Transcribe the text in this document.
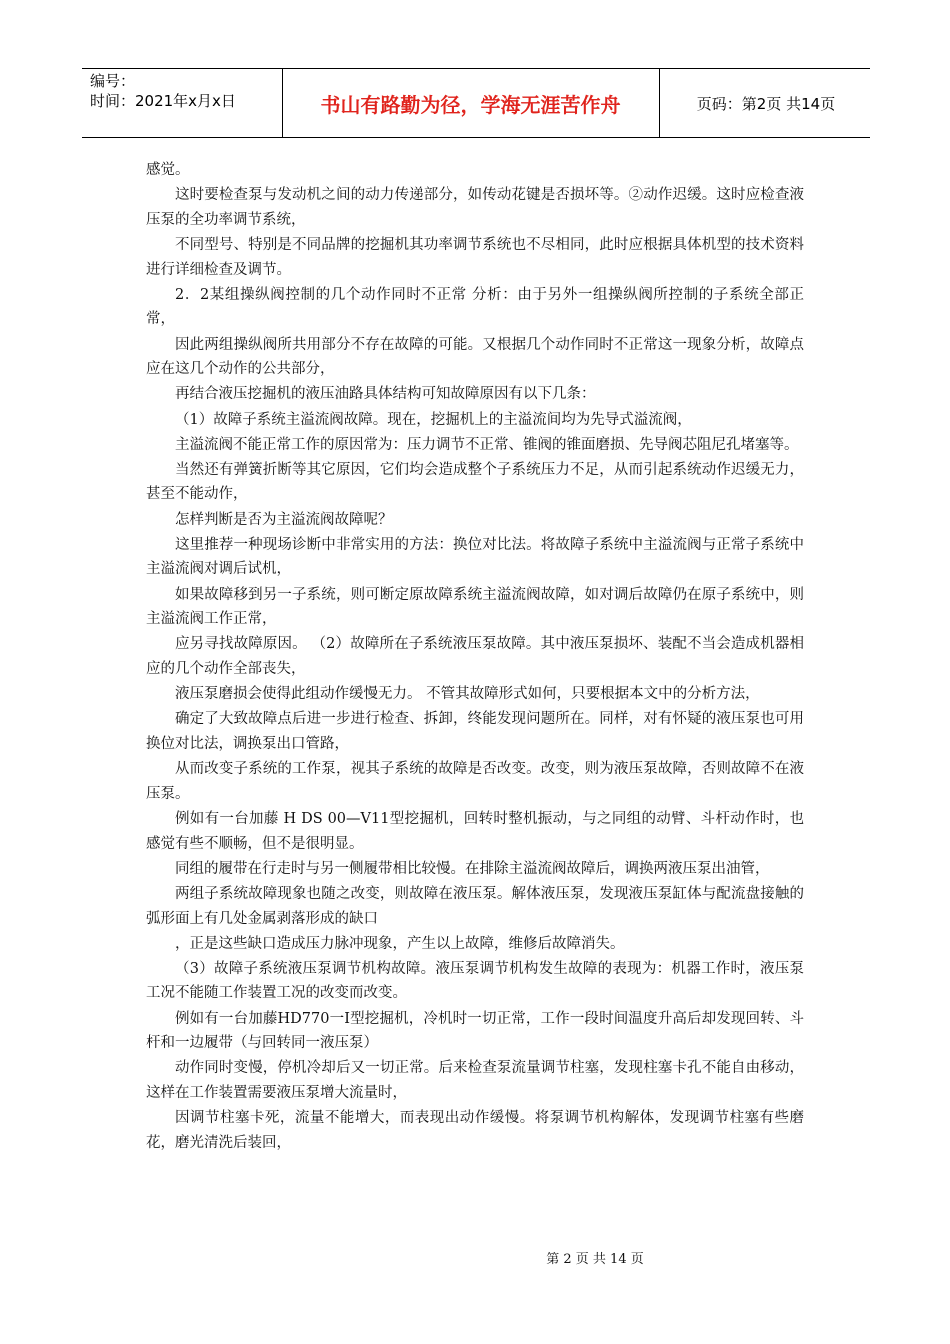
编号：
时间：2021年x月x日	书山有路勤为径，学海无涯苦作舟	页码：第2页 共14页

感觉。

这时要检查泵与发动机之间的动力传递部分，如传动花键是否损坏等。②动作迟缓。这时应检查液压泵的全功率调节系统，

不同型号、特别是不同品牌的挖掘机其功率调节系统也不尽相同，此时应根据具体机型的技术资料进行详细检查及调节。

2．2某组操纵阀控制的几个动作同时不正常 分析：由于另外一组操纵阀所控制的子系统全部正常，

因此两组操纵阀所共用部分不存在故障的可能。又根据几个动作同时不正常这一现象分析，故障点应在这几个动作的公共部分，

再结合液压挖掘机的液压油路具体结构可知故障原因有以下几条：

（1）故障子系统主溢流阀故障。现在，挖掘机上的主溢流间均为先导式溢流阀，

主溢流阀不能正常工作的原因常为：压力调节不正常、锥阀的锥面磨损、先导阀芯阻尼孔堵塞等。

当然还有弹簧折断等其它原因，它们均会造成整个子系统压力不足，从而引起系统动作迟缓无力，甚至不能动作，

怎样判断是否为主溢流阀故障呢？

这里推荐一种现场诊断中非常实用的方法：换位对比法。将故障子系统中主溢流阀与正常子系统中主溢流阀对调后试机，

如果故障移到另一子系统，则可断定原故障系统主溢流阀故障，如对调后故障仍在原子系统中，则主溢流阀工作正常，

应另寻找故障原因。 （2）故障所在子系统液压泵故障。其中液压泵损坏、装配不当会造成机器相应的几个动作全部丧失，

液压泵磨损会使得此组动作缓慢无力。 不管其故障形式如何，只要根据本文中的分析方法，

确定了大致故障点后进一步进行检查、拆卸，终能发现问题所在。同样，对有怀疑的液压泵也可用换位对比法，调换泵出口管路，

从而改变子系统的工作泵，视其子系统的故障是否改变。改变，则为液压泵故障，否则故障不在液压泵。

例如有一台加藤 H DS 00—V11型挖掘机，回转时整机振动，与之同组的动臂、斗杆动作时，也感觉有些不顺畅，但不是很明显。

同组的履带在行走时与另一侧履带相比较慢。在排除主溢流阀故障后，调换两液压泵出油管，

两组子系统故障现象也随之改变，则故障在液压泵。解体液压泵，发现液压泵缸体与配流盘接触的弧形面上有几处金属剥落形成的缺口

，正是这些缺口造成压力脉冲现象，产生以上故障，维修后故障消失。

（3）故障子系统液压泵调节机构故障。液压泵调节机构发生故障的表现为：机器工作时，液压泵工况不能随工作装置工况的改变而改变。

例如有一台加藤HD770一Ⅰ型挖掘机，冷机时一切正常，工作一段时间温度升高后却发现回转、斗杆和一边履带（与回转同一液压泵）

动作同时变慢，停机冷却后又一切正常。后来检查泵流量调节柱塞，发现柱塞卡孔不能自由移动，这样在工作装置需要液压泵增大流量时，

因调节柱塞卡死，流量不能增大，而表现出动作缓慢。将泵调节机构解体，发现调节柱塞有些磨花，磨光清洗后装回，

第 2 页 共 14 页
